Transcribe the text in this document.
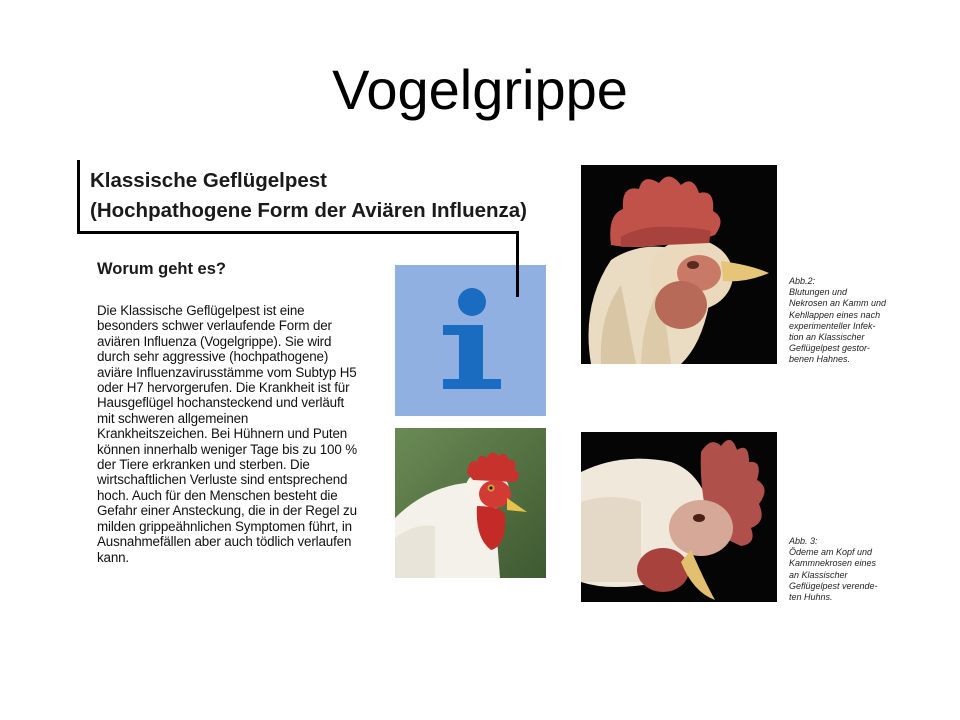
Vogelgrippe
Klassische Geflügelpest
(Hochpathogene Form der Aviären Influenza)
Worum geht es?
Die Klassische Geflügelpest ist eine
besonders schwer verlaufende Form der
aviären Influenza (Vogelgrippe). Sie wird
durch sehr aggressive (hochpathogene)
aviäre Influenzavirusstämme vom Subtyp H5
oder H7 hervorgerufen. Die Krankheit ist für
Hausgeflügel hochansteckend und verläuft
mit schweren allgemeinen
Krankheitszeichen. Bei Hühnern und Puten
können innerhalb weniger Tage bis zu 100 %
der Tiere erkranken und sterben. Die
wirtschaftlichen Verluste sind entsprechend
hoch. Auch für den Menschen besteht die
Gefahr einer Ansteckung, die in der Regel zu
milden grippeähnlichen Symptomen führt, in
Ausnahmefällen aber auch tödlich verlaufen
kann.
Abb.2:
Blutungen und
Nekrosen an Kamm und
Kehllappen eines nach
experimenteller Infek-
tion an Klassischer
Geflügelpest gestor-
benen Hahnes.
Abb. 3:
Ödeme am Kopf und
Kammnekrosen eines
an Klassischer
Geflügelpest verende-
ten Huhns.
